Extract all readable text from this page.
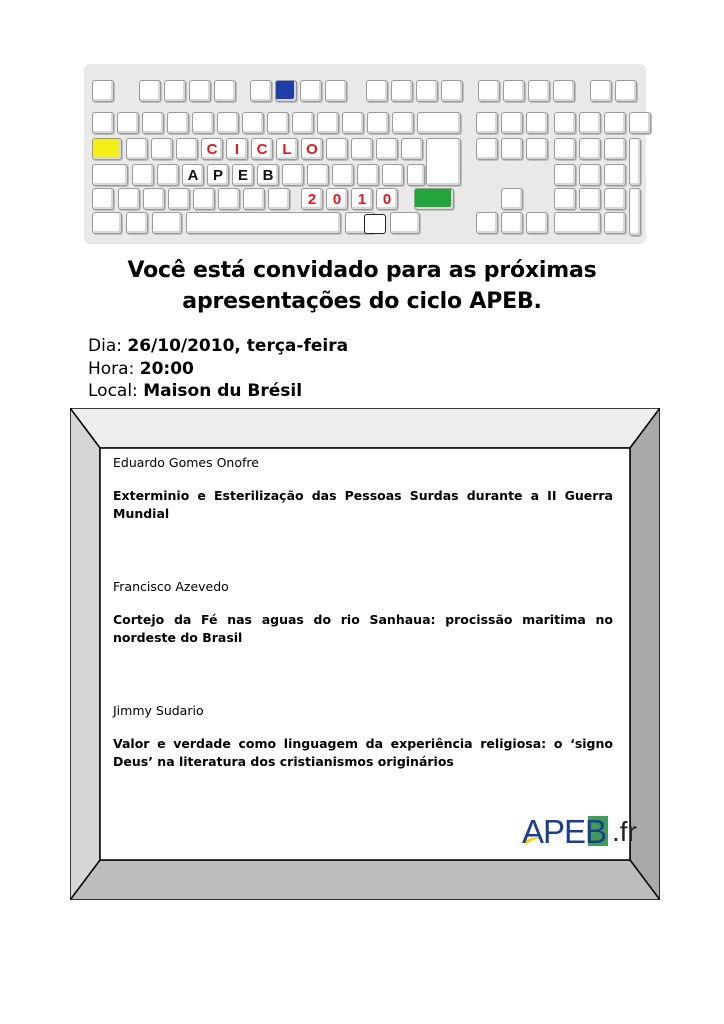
C	I	C L O
A P E B
2	0	1	0
Você está convidado para as próximas
apresentações do ciclo APEB.
Dia: 26/10/2010, terça-feira
Hora: 20:00
Local: Maison du Brésil

Eduardo Gomes Onofre

Exterminio e Esterilização das Pessoas Surdas durante a II Guerra Mundial

Francisco Azevedo

Cortejo da Fé nas aguas do rio Sanhaua: procissão maritima no nordeste do Brasil

Jimmy Sudario

Valor e verdade como linguagem da experiência religiosa: o ‘signo Deus’ na literatura dos cristianismos originários

APEB .fr
